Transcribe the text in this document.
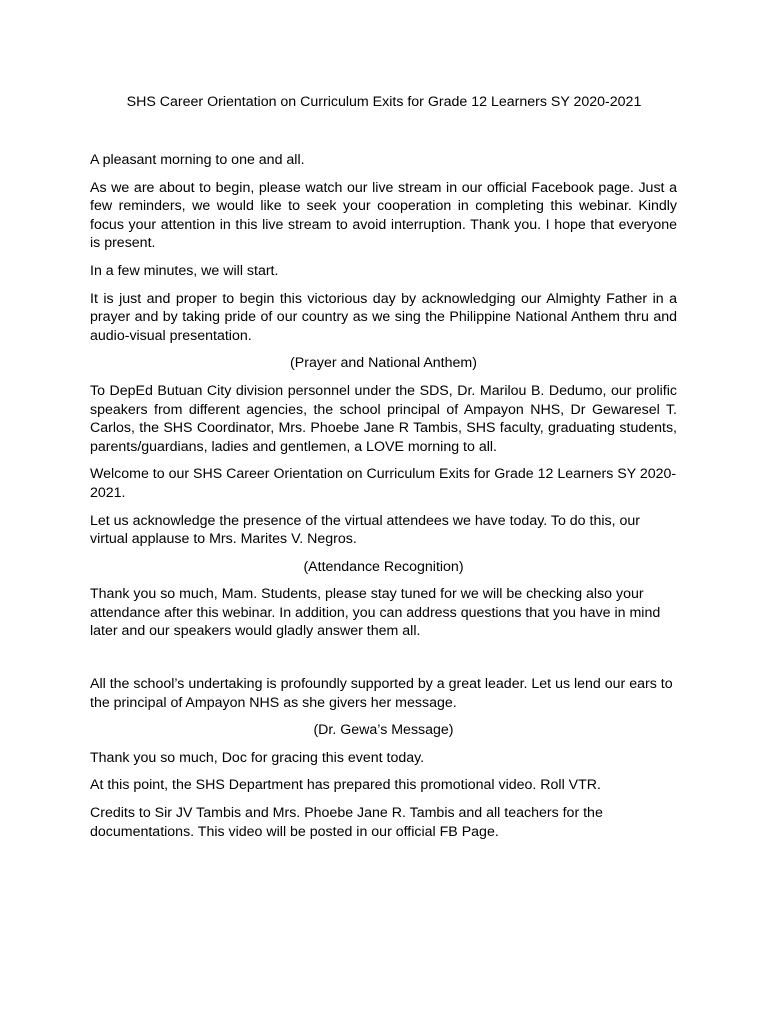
SHS Career Orientation on Curriculum Exits for Grade 12 Learners SY 2020-2021

A pleasant morning to one and all.

As we are about to begin, please watch our live stream in our official Facebook page. Just a few reminders, we would like to seek your cooperation in completing this webinar. Kindly focus your attention in this live stream to avoid interruption. Thank you. I hope that everyone is present.

In a few minutes, we will start.

It is just and proper to begin this victorious day by acknowledging our Almighty Father in a prayer and by taking pride of our country as we sing the Philippine National Anthem thru and audio-visual presentation.

(Prayer and National Anthem)

To DepEd Butuan City division personnel under the SDS, Dr. Marilou B. Dedumo, our prolific speakers from different agencies, the school principal of Ampayon NHS, Dr Gewaresel T. Carlos, the SHS Coordinator, Mrs. Phoebe Jane R Tambis, SHS faculty, graduating students, parents/guardians, ladies and gentlemen, a LOVE morning to all.

Welcome to our SHS Career Orientation on Curriculum Exits for Grade 12 Learners SY 2020-2021.

Let us acknowledge the presence of the virtual attendees we have today. To do this, our virtual applause to Mrs. Marites V. Negros.

(Attendance Recognition)

Thank you so much, Mam. Students, please stay tuned for we will be checking also your attendance after this webinar. In addition, you can address questions that you have in mind later and our speakers would gladly answer them all.

All the school’s undertaking is profoundly supported by a great leader. Let us lend our ears to the principal of Ampayon NHS as she givers her message.

(Dr. Gewa’s Message)

Thank you so much, Doc for gracing this event today.

At this point, the SHS Department has prepared this promotional video. Roll VTR.

Credits to Sir JV Tambis and Mrs. Phoebe Jane R. Tambis and all teachers for the documentations. This video will be posted in our official FB Page.
